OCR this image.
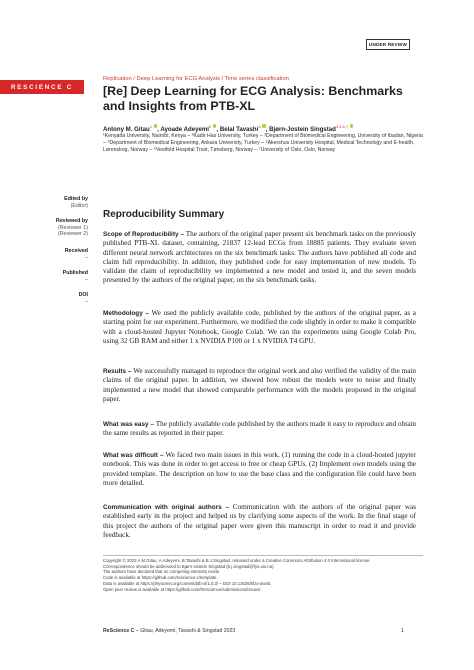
UNDER REVIEW
RESCIENCE C
Replication / Deep Learning for ECG Analysis / Time series classification
[Re] Deep Learning for ECG Analysis: Benchmarks and Insights from PTB-XL
Antony M. Gitau$^{1,}$ , Ayoade Adeyemi$^{2,}$ , Belal Tavashi$^{3,}$ , Bjørn-Jostein Singstad$^{4,5,6,7,}$
¹Kenyatta University, Nairobi, Kenya – ²Kadir Has University, Turkey – ³Department of Biomedical Engineering, University of Ibadan, Nigeria – ⁴Department of Biomedical Engineering, Ankara University, Turkey – ⁵Akershus University Hospital, Medical Technology and E-health, Lørenskog, Norway – ⁶Vestfold Hospital Trust, Tønsberg, Norway – ⁷University of Oslo, Oslo, Norway
Edited by
(Editor)
Reviewed by
(Reviewer 1)
(Reviewer 2)
Received
–
Published
–
DOI
–
Reproducibility Summary
Scope of Reproducibility – The authors of the original paper present six benchmark tasks on the previously published PTB-XL dataset, containing, 21837 12-lead ECGs from 18885 patients. They evaluate seven different neural network architectures on the six benchmark tasks. The authors have published all code and claim full reproducibility. In addition, they published code for easy implementation of new models. To validate the claim of reproducibility we implemented a new model and tested it, and the seven models presented by the authors of the original paper, on the six benchmark tasks.
Methodology – We used the publicly available code, published by the authors of the original paper, as a starting point for our experiment. Furthermore, we modified the code slightly in order to make it compatible with a cloud-hosted Jupyter Notebook, Google Colab. We ran the experiments using Google Colab Pro, using 32 GB RAM and either 1 x NVIDIA P100 or 1 x NVIDIA T4 GPU.
Results – We successfully managed to reproduce the original work and also verified the validity of the main claims of the original paper. In addition, we showed how robust the models were to noise and finally implemented a new model that showed comparable performance with the models proposed in the original paper.
What was easy – The publicly available code published by the authors made it easy to reproduce and obtain the same results as reported in their paper.
What was difficult – We faced two main issues in this work. (1) running the code in a cloud-hosted jupyter notebook. This was done in order to get access to free or cheap GPUs. (2) Implement own models using the provided template. The description on how to use the base class and the configuration file could have been more detailed.
Communication with original authors – Communication with the authors of the original paper was established early in the project and helped us by clarifying some aspects of the work. In the final stage of this project the authors of the original paper were given this manuscript in order to read it and provide feedback.
Copyright © 2023 A.M.Gitau, A.Adeyemi, B.Tavashi & B.J.Singstad, released under a Creative Commons Attribution 4.0 International license.
Correspondence should be addressed to Bjørn-Jostein Singstad (b.j.singstad@fys.uio.no)
The authors have declared that no competing interests exists
Code is available at https://github.com/rescience-c/template.
Data is available at https://physionet.org/content/ptb-xl/1.0.3/ – DOI 10.13026/kfzx-aw45.
Open peer review is available at https://github.com/ReScience/submissions/issues/.
ReScience C – Gitau, Adeyemi, Tavashi & Singstad 2023	1
